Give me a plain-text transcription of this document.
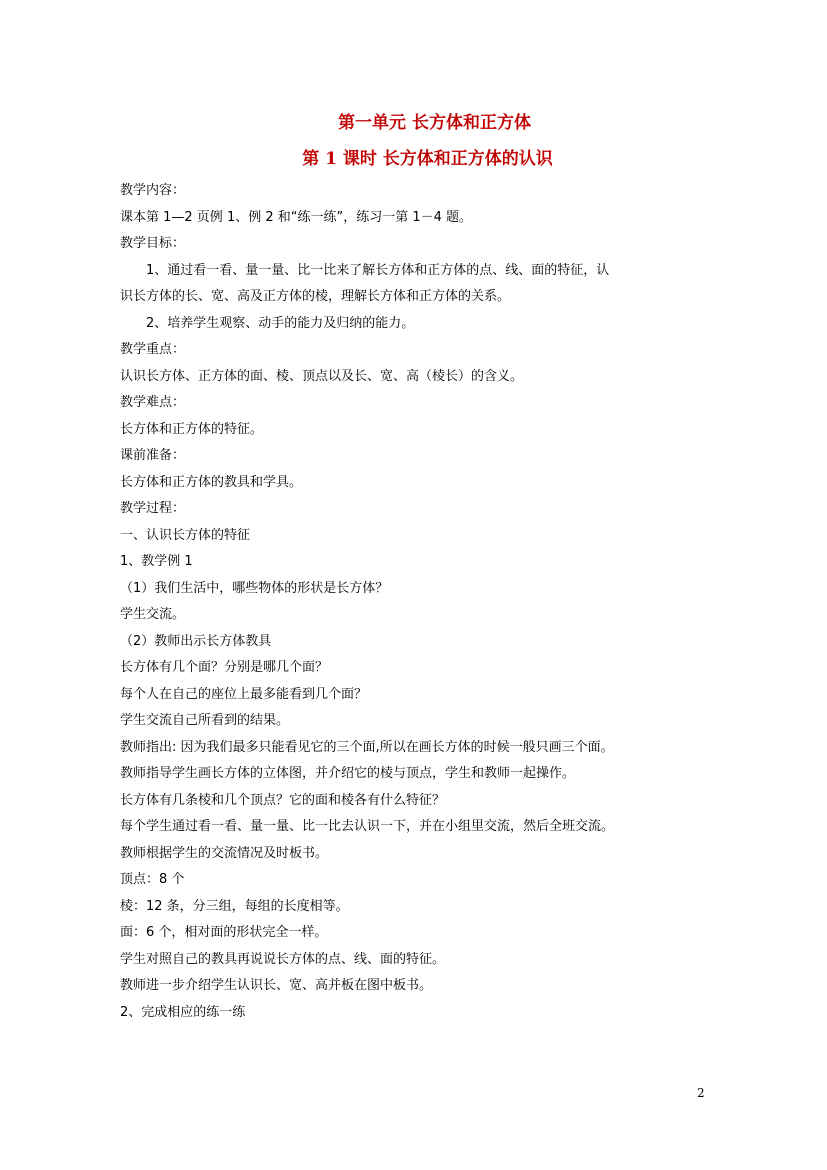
第一单元 长方体和正方体
第 1 课时 长方体和正方体的认识
教学内容：
课本第 1—2 页例 1、例 2 和“练一练”，练习一第 1－4 题。
教学目标：
1、通过看一看、量一量、比一比来了解长方体和正方体的点、线、面的特征，认
识长方体的长、宽、高及正方体的棱，理解长方体和正方体的关系。
2、培养学生观察、动手的能力及归纳的能力。
教学重点：
认识长方体、正方体的面、棱、顶点以及长、宽、高（棱长）的含义。
教学难点：
长方体和正方体的特征。
课前准备：
长方体和正方体的教具和学具。
教学过程：
一、认识长方体的特征
1、教学例 1
（1）我们生活中，哪些物体的形状是长方体？
学生交流。
（2）教师出示长方体教具
长方体有几个面？分别是哪几个面？
每个人在自己的座位上最多能看到几个面？
学生交流自己所看到的结果。
教师指出: 因为我们最多只能看见它的三个面,所以在画长方体的时候一般只画三个面。
教师指导学生画长方体的立体图，并介绍它的棱与顶点，学生和教师一起操作。
长方体有几条棱和几个顶点？它的面和棱各有什么特征？
每个学生通过看一看、量一量、比一比去认识一下，并在小组里交流，然后全班交流。
教师根据学生的交流情况及时板书。
顶点：8 个
棱：12 条，分三组，每组的长度相等。
面：6 个，相对面的形状完全一样。
学生对照自己的教具再说说长方体的点、线、面的特征。
教师进一步介绍学生认识长、宽、高并板在图中板书。
2、完成相应的练一练
2
